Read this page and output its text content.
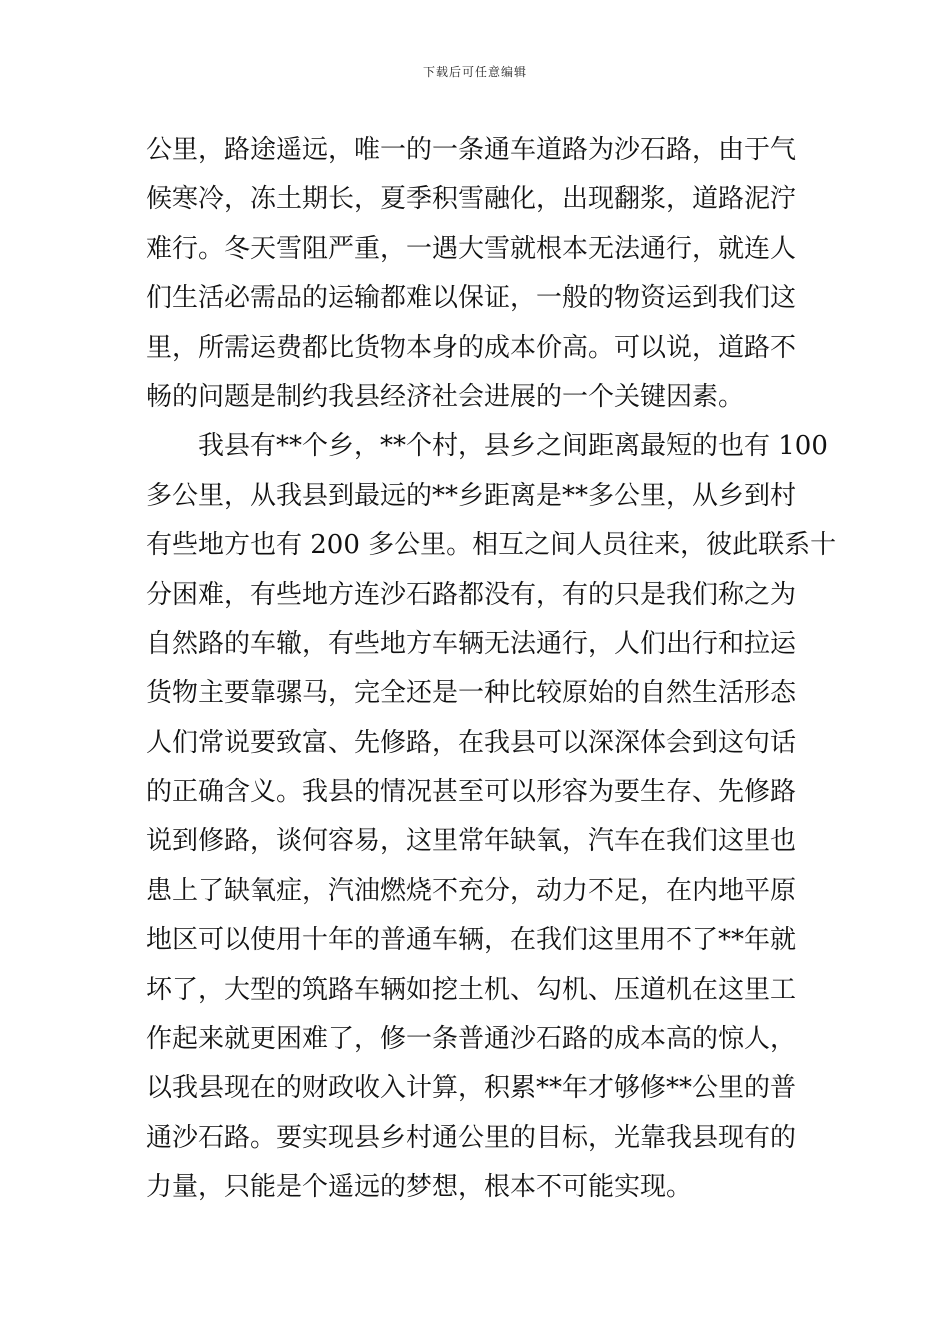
下载后可任意编辑
公里，路途遥远，唯一的一条通车道路为沙石路，由于气
候寒冷，冻土期长，夏季积雪融化，出现翻浆，道路泥泞
难行。冬天雪阻严重，一遇大雪就根本无法通行，就连人
们生活必需品的运输都难以保证，一般的物资运到我们这
里，所需运费都比货物本身的成本价高。可以说，道路不
畅的问题是制约我县经济社会进展的一个关键因素。
　　我县有**个乡，**个村，县乡之间距离最短的也有 100
多公里，从我县到最远的**乡距离是**多公里，从乡到村
有些地方也有 200 多公里。相互之间人员往来，彼此联系十
分困难，有些地方连沙石路都没有，有的只是我们称之为
自然路的车辙，有些地方车辆无法通行，人们出行和拉运
货物主要靠骡马，完全还是一种比较原始的自然生活形态
人们常说要致富、先修路，在我县可以深深体会到这句话
的正确含义。我县的情况甚至可以形容为要生存、先修路
说到修路，谈何容易，这里常年缺氧，汽车在我们这里也
患上了缺氧症，汽油燃烧不充分，动力不足，在内地平原
地区可以使用十年的普通车辆，在我们这里用不了**年就
坏了，大型的筑路车辆如挖土机、勾机、压道机在这里工
作起来就更困难了，修一条普通沙石路的成本高的惊人，
以我县现在的财政收入计算，积累**年才够修**公里的普
通沙石路。要实现县乡村通公里的目标，光靠我县现有的
力量，只能是个遥远的梦想，根本不可能实现。
